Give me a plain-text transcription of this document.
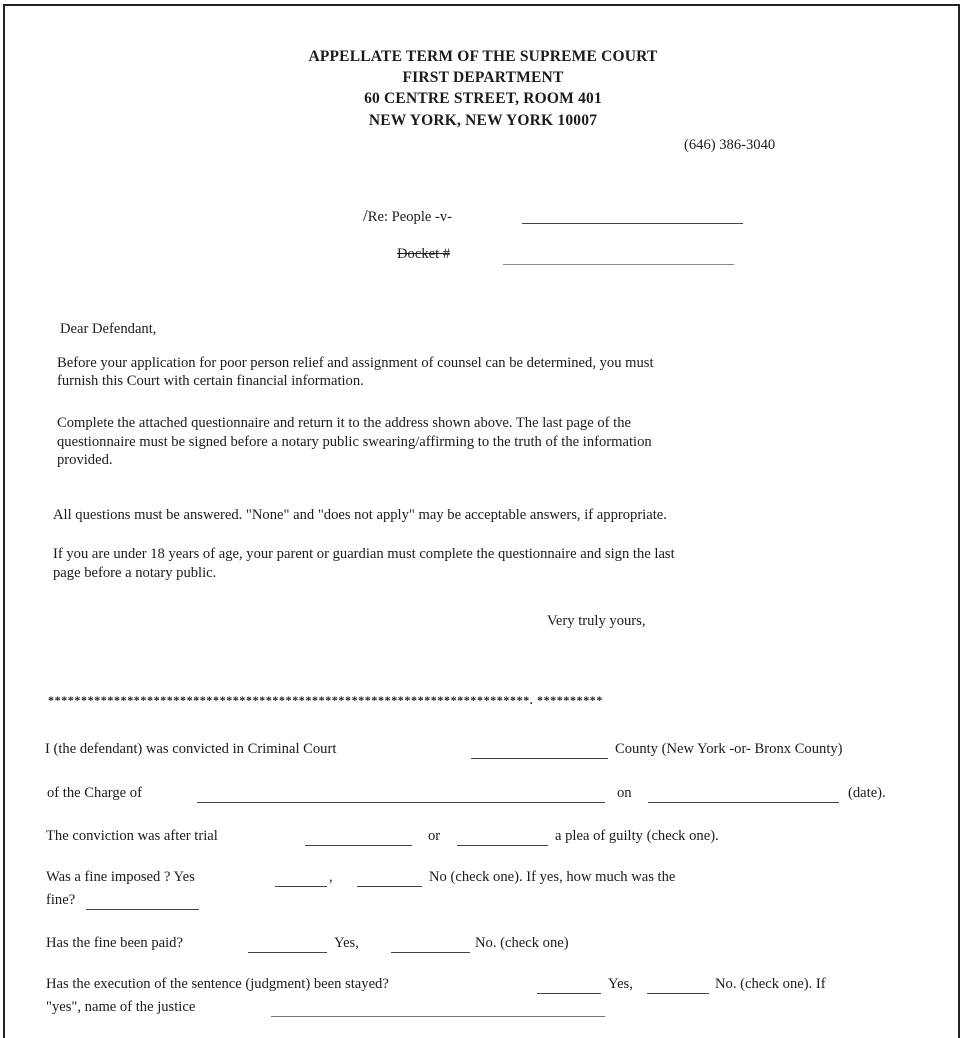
APPELLATE TERM OF THE SUPREME COURT
FIRST DEPARTMENT
60 CENTRE STREET, ROOM 401
NEW YORK, NEW YORK 10007
(646) 386-3040
/Re: People -v-
Docket #
Dear Defendant,
Before your application for poor person relief and assignment of counsel can be determined, you must
furnish this Court with certain financial information.
Complete the attached questionnaire and return it to the address shown above. The last page of the
questionnaire must be signed before a notary public swearing/affirming to the truth of the information
provided.
All questions must be answered. "None" and "does not apply" may be acceptable answers, if appropriate.
If you are under 18 years of age, your parent or guardian must complete the questionnaire and sign the last
page before a notary public.
Very truly yours,
*************************************************************************. **********
I (the defendant) was convicted in Criminal Court	County (New York -or- Bronx County)
of the Charge of	on	(date).
The conviction was after trial	or	a plea of guilty (check one).
Was a fine imposed ? Yes	,	No (check one). If yes, how much was the
fine?
Has the fine been paid?	Yes,	No. (check one)
Has the execution of the sentence (judgment) been stayed?	Yes,	No. (check one). If
"yes", name of the justice
